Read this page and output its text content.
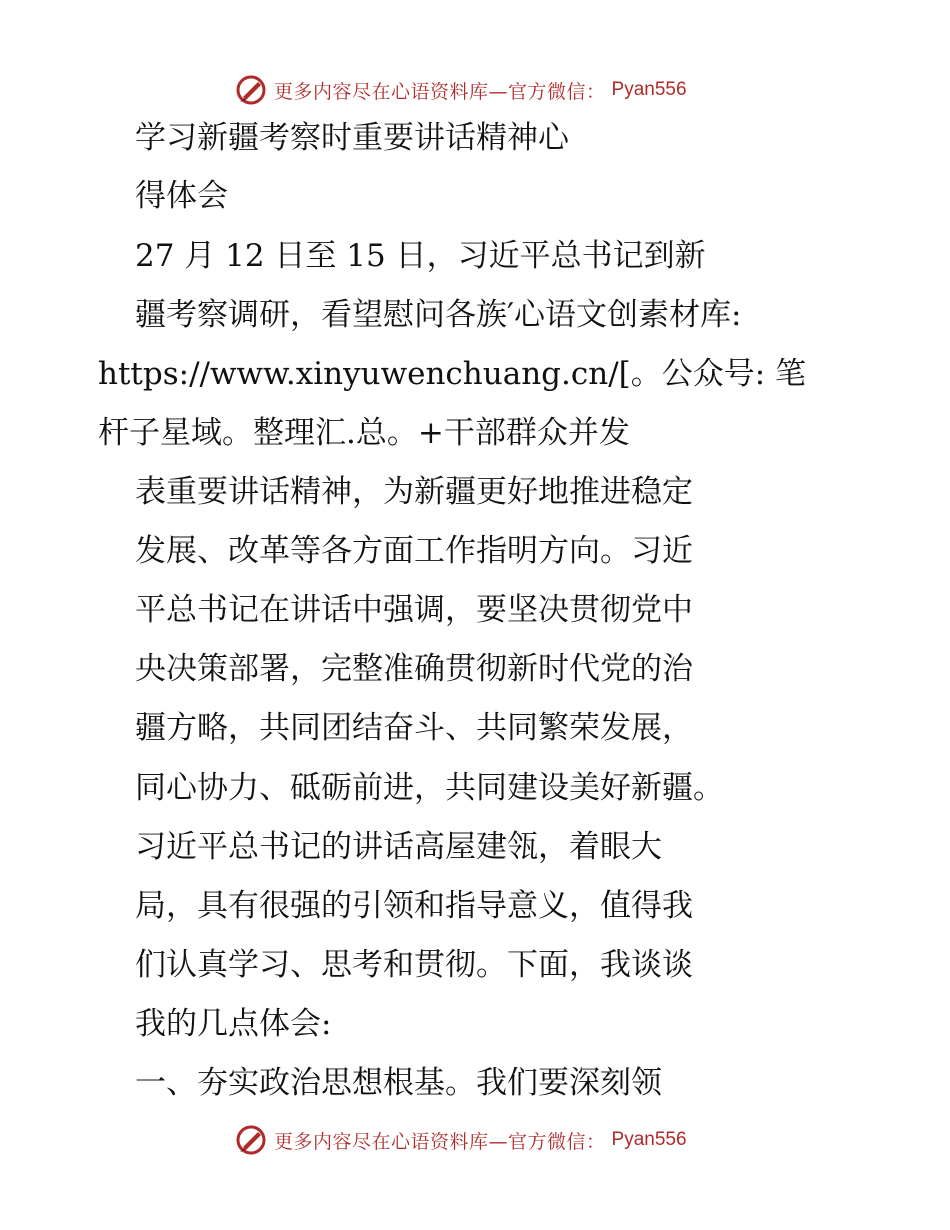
更多内容尽在心语资料库—官方微信： Pyan556
学习新疆考察时重要讲话精神心
得体会
27 月 12 日至 15 日，习近平总书记到新
疆考察调研，看望慰问各族′心语文创素材库:
https://www.xinyuwenchuang.cn/[。公众号: 笔
杆子星域。整理汇.总。+干部群众并发
表重要讲话精神，为新疆更好地推进稳定
发展、改革等各方面工作指明方向。习近
平总书记在讲话中强调，要坚决贯彻党中
央决策部署，完整准确贯彻新时代党的治
疆方略，共同团结奋斗、共同繁荣发展，
同心协力、砥砺前进，共同建设美好新疆。
习近平总书记的讲话高屋建瓴，着眼大
局，具有很强的引领和指导意义，值得我
们认真学习、思考和贯彻。下面，我谈谈
我的几点体会:
一、夯实政治思想根基。我们要深刻领
更多内容尽在心语资料库—官方微信： Pyan556
